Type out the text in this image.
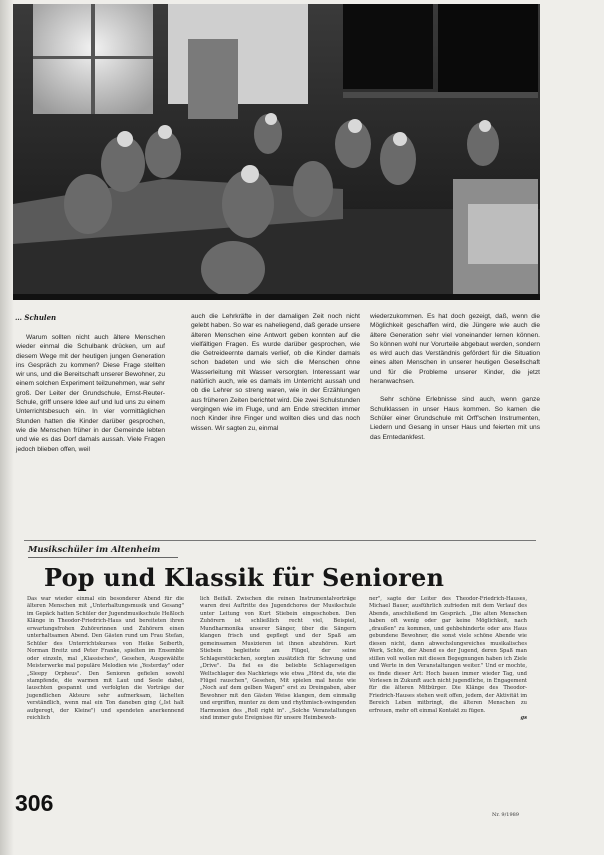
… Schulen

Warum sollten nicht auch ältere Menschen wieder einmal die Schulbank drücken, um auf diesem Wege mit der heutigen jungen Generation ins Gespräch zu kommen? Diese Frage stellten wir uns, und die Bereitschaft unserer Bewohner, zu einem solchen Experiment teilzunehmen, war sehr groß. Der Leiter der Grundschule, Ernst-Reuter-Schule, griff unsere Idee auf und lud uns zu einem Unterrichtsbesuch ein. In vier vormittäglichen Stunden hatten die Kinder darüber gesprochen, wie die Menschen früher in der Gemeinde lebten und wie es das Dorf damals aussah. Viele Fragen jedoch blieben offen, weil

auch die Lehrkräfte in der damaligen Zeit noch nicht gelebt haben. So war es naheliegend, daß gerade unsere älteren Menschen eine Antwort geben konnten auf die vielfältigen Fragen. Es wurde darüber gesprochen, wie die Getreideernte damals verlief, ob die Kinder damals schon badeten und wie sich die Menschen ohne Wasserleitung mit Wasser versorgten. Interessant war natürlich auch, wie es damals im Unterricht aussah und ob die Lehrer so streng waren, wie in der Erzählungen aus früheren Zeiten berichtet wird. Die zwei Schulstunden vergingen wie im Fluge, und am Ende streckten immer noch Kinder ihre Finger und wollten dies und das noch wissen. Wir sagten zu, einmal

wiederzukommen. Es hat doch gezeigt, daß, wenn die Möglichkeit geschaffen wird, die Jüngere wie auch die ältere Generation sehr viel voneinander lernen können. So können wohl nur Vorurteile abgebaut werden, sondern es wird auch das Verständnis gefördert für die Situation eines alten Menschen in unserer heutigen Gesellschaft und für die Probleme unserer Kinder, die jetzt heranwachsen.

Sehr schöne Erlebnisse sind auch, wenn ganze Schulklassen in unser Haus kommen. So kamen die Schüler einer Grundschule mit Orff'schen Instrumenten, Liedern und Gesang in unser Haus und feierten mit uns das Erntedankfest.

Musikschüler im Altenheim
Pop und Klassik für Senioren

Das war wieder einmal ein besonderer Abend für die älteren Menschen mit „Unterhaltungsmusik und Gesang" im Gepäck hatten Schüler der Jugendmusikschule Heßloch Klänge in Theodor-Friedrich-Haus und bereiteten ihren erwartungsfrohen Zuhörerinnen und Zuhörern einen unterhaltsamen Abend. Den Gästen rund um Frau Stefan, Schüler des Unterrichtskurses von Heike Seiberth, Norman Breitz und Peter Franke, spielten im Ensemble oder einzeln, mal „Klassisches", Gesehen, Ausgewählte Meisterwerke mal populäre Melodien wie „Yesterday" oder „Sleepy Orpheus". Den Senioren gefielen sowohl stampfende, die warmen mit Laut und Seele dabei, lauschten gespannt und verfolgten die Vorträge der jugendlichen Akteure sehr aufmerksam, lächelten verständlich, wenn mal ein Ton daneben ging („Ist halt aufgeregt, der Kleine") und spendeten anerkennend reichlich

lich Beifall. Zwischen die reinen Instrumentalvorträge waren drei Auftritte des Jugendchores der Musikschule unter Leitung von Kurt Stiebein eingeschoben. Den Zuhörern ist schließlich recht viel, Beispiel, Mundharmonika unserer Sänger, über die Sängern klangen frisch und gepflegt und der Spaß am gemeinsamen Musizieren ist ihnen abzuhören. Kurt Stiebein begleitete am Flügel, der seine Schlagerstückchen, sorgten zusätzlich für Schwung und „Drive". Da fiel es die beliebte Schlagerseligen Weltschlager des Nachkriegs wie etwa „Hörst du, wie die Flügel rauschen", Gesehen, Mit spielen mal heute wie „Noch auf dem gelben Wagen" erst zu Dreingaben, aber Bewohner mit den Gästen Weise klangen, dem einmalig und ergriffen, munter zu dem und rhythmisch-swingenden Harmonien des „Roll right in". „Solche Veranstaltungen sind immer gute Ereignisse für unsere Heimbewoh-

ner", sagte der Leiter des Theodor-Friedrich-Hauses, Michael Bauer, ausführlich zufrieden mit dem Verlauf des Abends, anschließend im Gespräch. „Die alten Menschen haben oft wenig oder gar keine Möglichkeit, nach „draußen" zu kommen, und gehbehinderte oder ans Haus gebundene Bewohner, die sonst viele schöne Abende wie diesen nicht, dann abwechslungsreiches musikalisches Werk, Schön, der Abend es der Jugend, deren Spaß man stillen voll wollen mit diesen Begegnungen haben ich Ziele und Werte in den Veranstaltungen weiter." Und er mochte, es finde dieser Art: Hoch bauen immer wieder Tag, und Vorlesen in Zukunft auch nicht jugendliche, in Engagement für die älteren Mitbürger. Die Klänge des Theodor-Friedrich-Hauses stehen weit offen, jedem, der Aktivität im Bereich Leben mitbringt, die älteren Menschen zu erfreuen, mehr oft einmal Kontakt zu fügen.

gs
306	Nr. 9/1989
